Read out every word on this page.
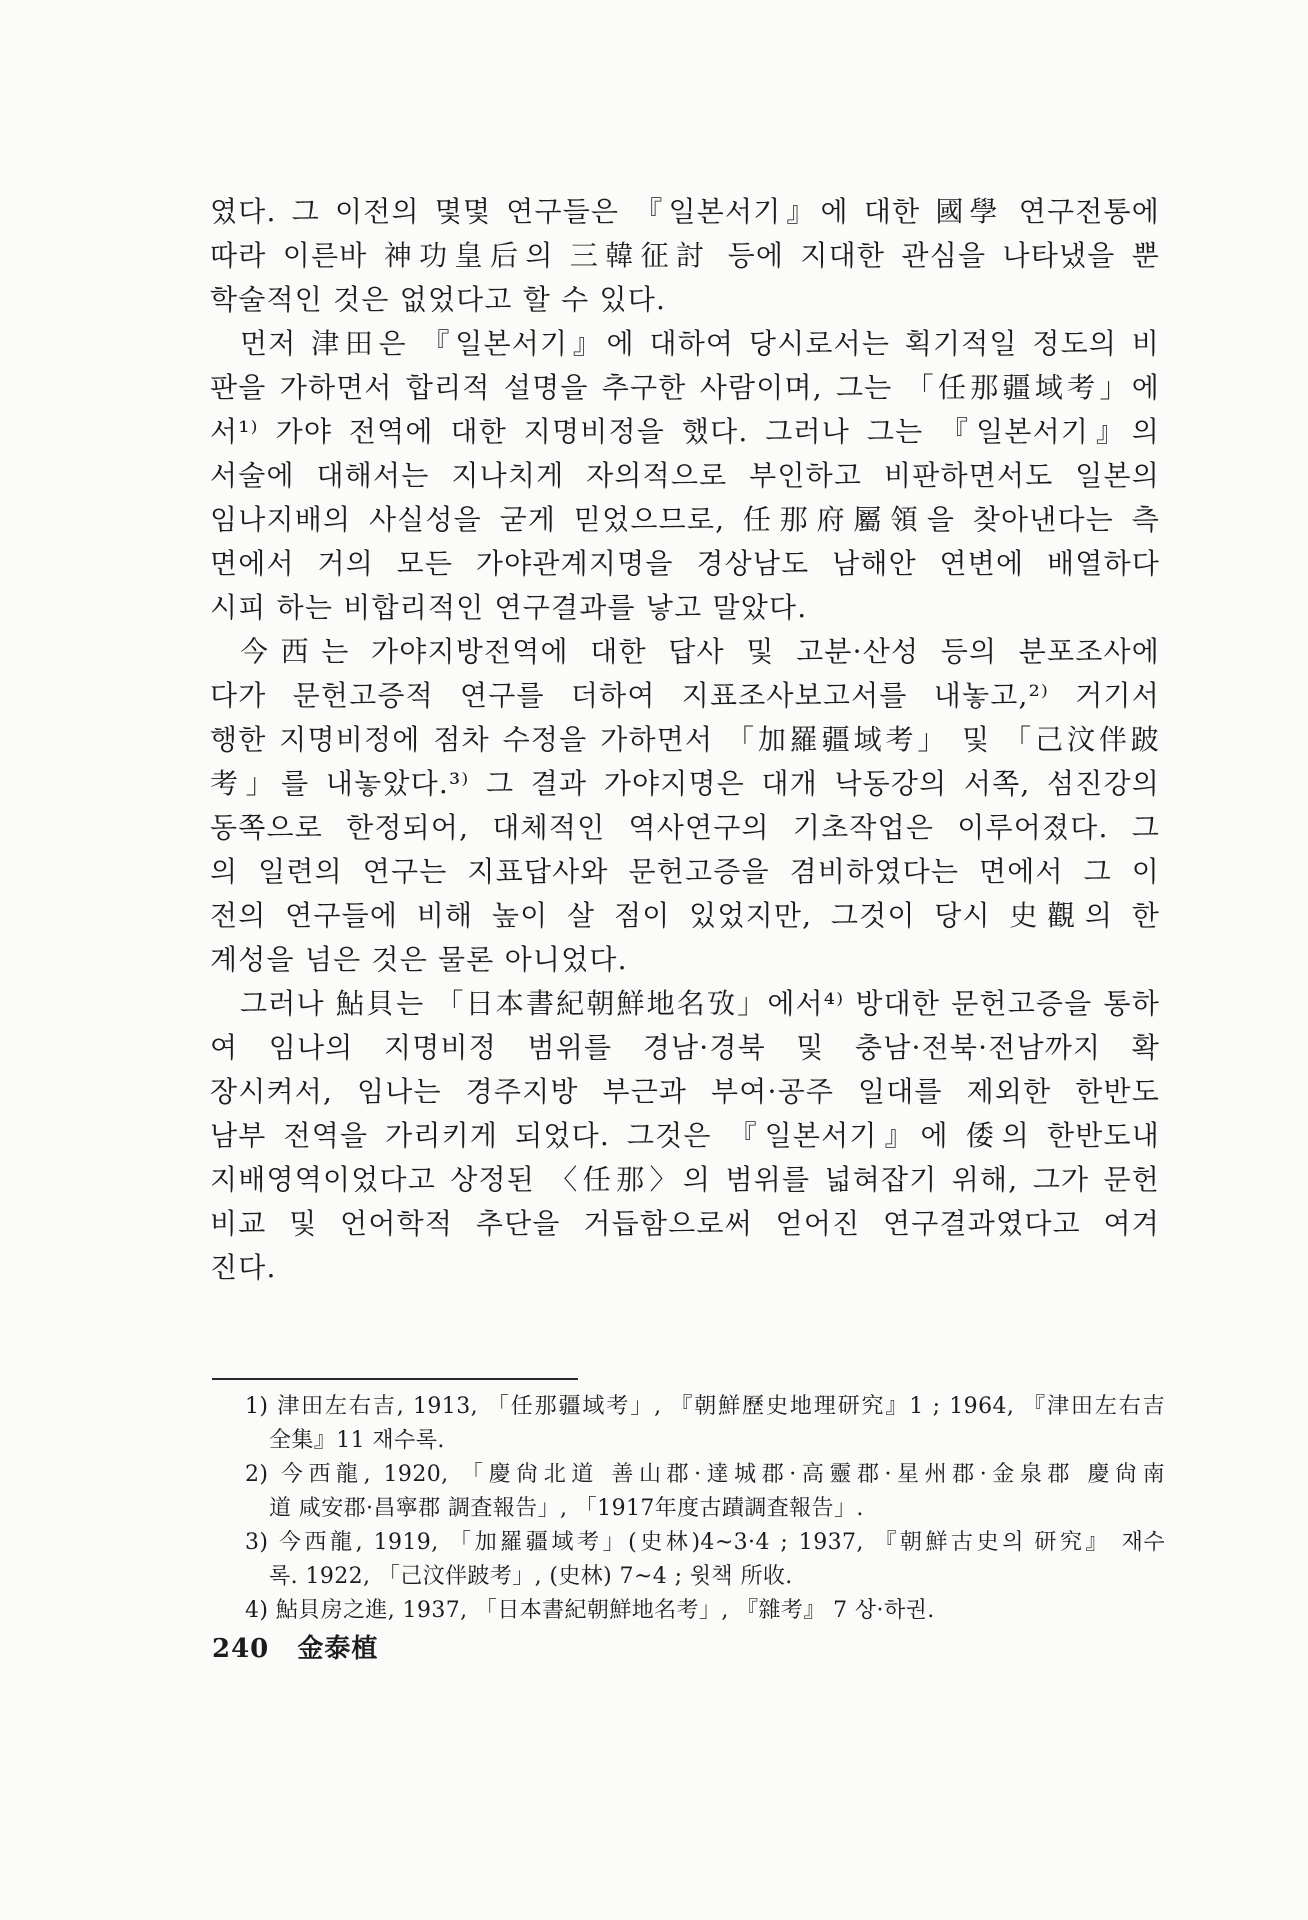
였다. 그 이전의 몇몇 연구들은 『일본서기』에 대한 國學 연구전통에
따라 이른바 神功皇后의 三韓征討 등에 지대한 관심을 나타냈을 뿐
학술적인 것은 없었다고 할 수 있다.
먼저 津田은 『일본서기』에 대하여 당시로서는 획기적일 정도의 비
판을 가하면서 합리적 설명을 추구한 사람이며, 그는 「任那疆域考」에
서¹⁾ 가야 전역에 대한 지명비정을 했다. 그러나 그는 『일본서기』의
서술에 대해서는 지나치게 자의적으로 부인하고 비판하면서도 일본의
임나지배의 사실성을 굳게 믿었으므로, 任那府屬領을 찾아낸다는 측
면에서 거의 모든 가야관계지명을 경상남도 남해안 연변에 배열하다
시피 하는 비합리적인 연구결과를 낳고 말았다.
今西는 가야지방전역에 대한 답사 및 고분·산성 등의 분포조사에
다가 문헌고증적 연구를 더하여 지표조사보고서를 내놓고,²⁾ 거기서
행한 지명비정에 점차 수정을 가하면서 「加羅疆域考」 및 「己汶伴跛
考」를 내놓았다.³⁾ 그 결과 가야지명은 대개 낙동강의 서쪽, 섬진강의
동쪽으로 한정되어, 대체적인 역사연구의 기초작업은 이루어졌다. 그
의 일련의 연구는 지표답사와 문헌고증을 겸비하였다는 면에서 그 이
전의 연구들에 비해 높이 살 점이 있었지만, 그것이 당시 史觀의 한
계성을 넘은 것은 물론 아니었다.
그러나 鮎貝는 「日本書紀朝鮮地名攷」에서⁴⁾ 방대한 문헌고증을 통하
여 임나의 지명비정 범위를 경남·경북 및 충남·전북·전남까지 확
장시켜서, 임나는 경주지방 부근과 부여·공주 일대를 제외한 한반도
남부 전역을 가리키게 되었다. 그것은 『일본서기』에 倭의 한반도내
지배영역이었다고 상정된 〈任那〉의 범위를 넓혀잡기 위해, 그가 문헌
비교 및 언어학적 추단을 거듭함으로써 얻어진 연구결과였다고 여겨
진다.
1) 津田左右吉, 1913, 「任那疆域考」, 『朝鮮歷史地理研究』1 ; 1964, 『津田左右吉
全集』11 재수록.
2) 今西龍, 1920, 「慶尙北道 善山郡·達城郡·高靈郡·星州郡·金泉郡 慶尙南
道 咸安郡·昌寧郡 調査報告」, 「1917年度古蹟調査報告」.
3) 今西龍, 1919, 「加羅疆域考」(史林)4~3·4 ; 1937, 『朝鮮古史의 研究』 재수
록. 1922, 「己汶伴跛考」, (史林) 7~4 ; 윗책 所收.
4) 鮎貝房之進, 1937, 「日本書紀朝鮮地名考」, 『雜考』 7 상·하권.
240 金泰植
